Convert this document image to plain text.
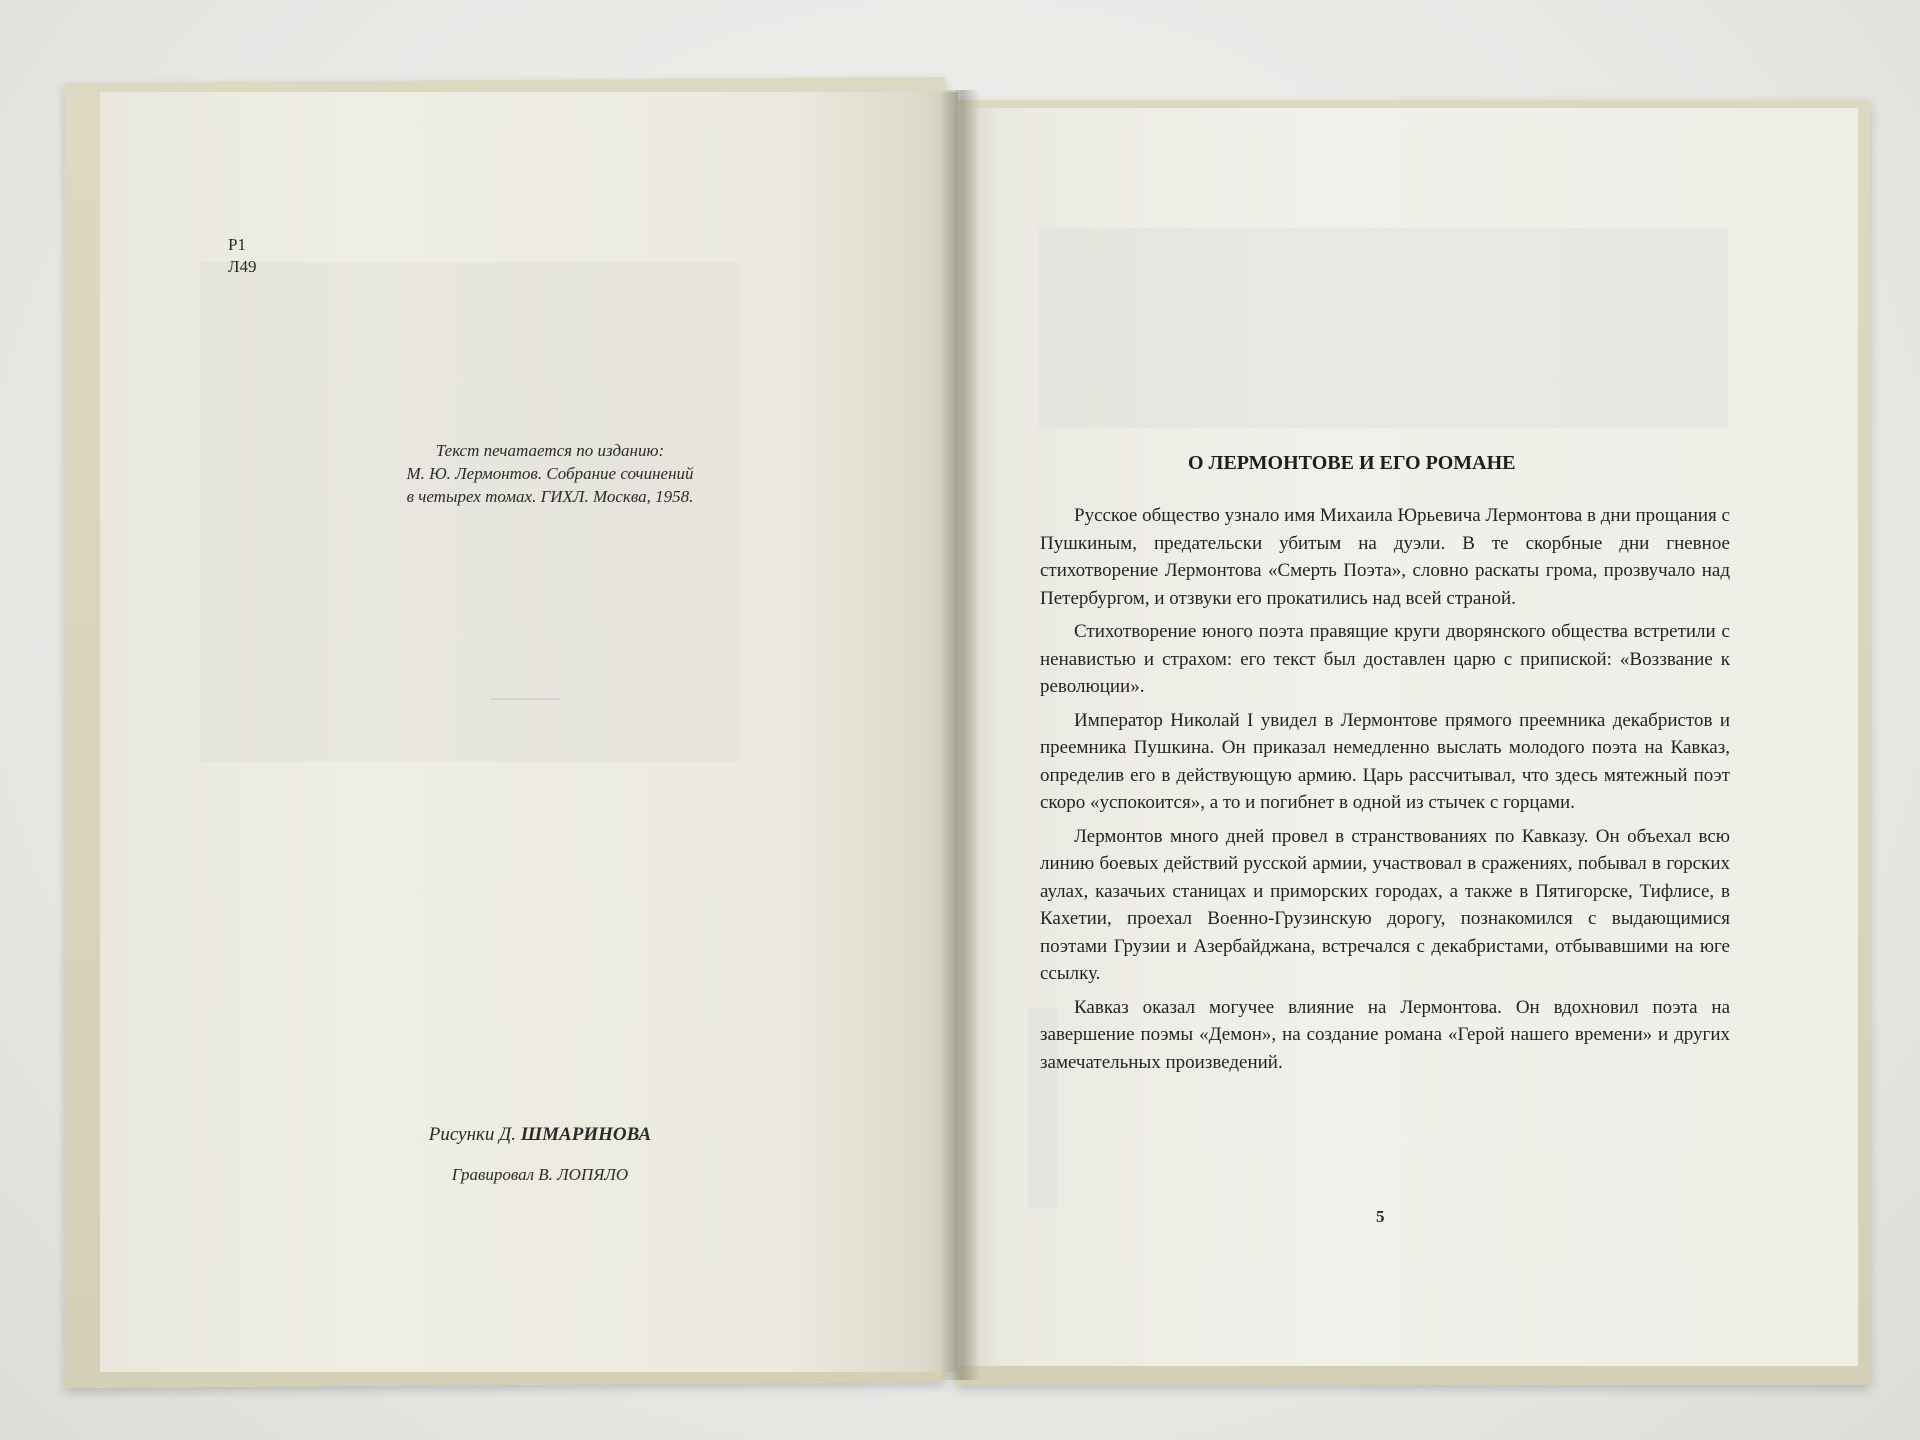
Р1
Л49
Текст печатается по изданию:
М. Ю. Лермонтов. Собрание сочинений
в четырех томах. ГИХЛ. Москва, 1958.
Рисунки Д. ШМАРИНОВА
Гравировал В. ЛОПЯЛО
О ЛЕРМОНТОВЕ И ЕГО РОМАНЕ

Русское общество узнало имя Михаила Юрьевича Лермонтова в дни прощания с Пушкиным, предательски убитым на дуэли. В те скорбные дни гневное стихотворение Лермонтова «Смерть Поэта», словно раскаты грома, прозвучало над Петербургом, и отзвуки его прокатились над всей страной.

Стихотворение юного поэта правящие круги дворянского общества встретили с ненавистью и страхом: его текст был доставлен царю с припиской: «Воззвание к революции».

Император Николай I увидел в Лермонтове прямого преемника декабристов и преемника Пушкина. Он приказал немедленно выслать молодого поэта на Кавказ, определив его в действующую армию. Царь рассчитывал, что здесь мятежный поэт скоро «успокоится», а то и погибнет в одной из стычек с горцами.

Лермонтов много дней провел в странствованиях по Кавказу. Он объехал всю линию боевых действий русской армии, участвовал в сражениях, побывал в горских аулах, казачьих станицах и приморских городах, а также в Пятигорске, Тифлисе, в Кахетии, проехал Военно-Грузинскую дорогу, познакомился с выдающимися поэтами Грузии и Азербайджана, встречался с декабристами, отбывавшими на юге ссылку.

Кавказ оказал могучее влияние на Лермонтова. Он вдохновил поэта на завершение поэмы «Демон», на создание романа «Герой нашего времени» и других замечательных произведений.

5
